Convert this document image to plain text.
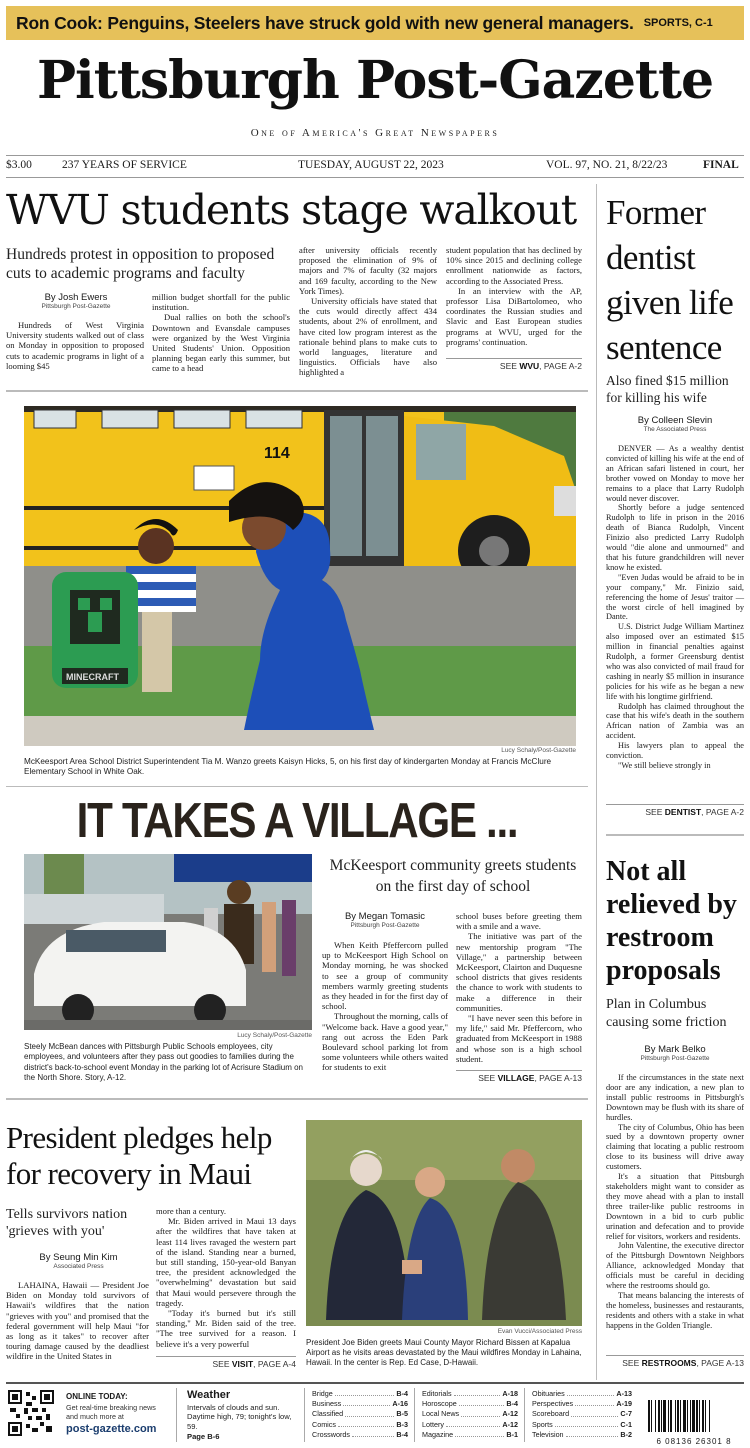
Ron Cook: Penguins, Steelers have struck gold with new general managers. SPORTS, C-1
Pittsburgh Post-Gazette
One of America's Great Newspapers
$3.00	237 YEARS OF SERVICE	TUESDAY, AUGUST 22, 2023	VOL. 97, NO. 21, 8/22/23	FINAL
WVU students stage walkout
Hundreds protest in opposition to proposed cuts to academic programs and faculty
By Josh Ewers
Pittsburgh Post-Gazette

Hundreds of West Virginia University students walked out of class on Monday in opposition to proposed cuts to academic programs in light of a looming $45

million budget shortfall for the public institution.

Dual rallies on both the school's Downtown and Evansdale campuses were organized by the West Virginia United Students' Union. Opposition planning began early this summer, but came to a head

after university officials recently proposed the elimination of 9% of majors and 7% of faculty (32 majors and 169 faculty, according to the New York Times).

University officials have stated that the cuts would directly affect 434 students, about 2% of enrollment, and have cited low program interest as the rationale behind plans to make cuts to world languages, literature and linguistics. Officials have also highlighted a

student population that has declined by 10% since 2015 and declining college enrollment nationwide as factors, according to the Associated Press.

In an interview with the AP, professor Lisa DiBartolomeo, who coordinates the Russian studies and Slavic and East European studies programs at WVU, urged for the programs' continuation.

SEE WVU, PAGE A-2
114
MINECRAFT
Lucy Schaly/Post-Gazette
McKeesport Area School District Superintendent Tia M. Wanzo greets Kaisyn Hicks, 5, on his first day of kindergarten Monday at Francis McClure Elementary School in White Oak.
IT TAKES A VILLAGE ...
Lucy Schaly/Post-Gazette
Steely McBean dances with Pittsburgh Public Schools employees, city employees, and volunteers after they pass out goodies to families during the district's back-to-school event Monday in the parking lot of Acrisure Stadium on the North Shore. Story, A-12.
McKeesport community greets students on the first day of school
By Megan Tomasic
Pittsburgh Post-Gazette

When Keith Pfeffercorn pulled up to McKeesport High School on Monday morning, he was shocked to see a group of community members warmly greeting students as they headed in for the first day of school.

Throughout the morning, calls of "Welcome back. Have a good year," rang out across the Eden Park Boulevard school parking lot from some volunteers while others waited for students to exit

school buses before greeting them with a smile and a wave.

The initiative was part of the new mentorship program "The Village," a partnership between McKeesport, Clairton and Duquesne school districts that gives residents the chance to work with students to make a difference in their communities.

"I have never seen this before in my life," said Mr. Pfeffercorn, who graduated from McKeesport in 1988 and whose son is a high school student.

SEE VILLAGE, PAGE A-13
President pledges help for recovery in Maui
Tells survivors nation 'grieves with you'
By Seung Min Kim
Associated Press

LAHAINA, Hawaii — President Joe Biden on Monday told survivors of Hawaii's wildfires that the nation "grieves with you" and promised that the federal government will help Maui "for as long as it takes" to recover after touring damage caused by the deadliest wildfire in the United States in

more than a century.

Mr. Biden arrived in Maui 13 days after the wildfires that have taken at least 114 lives ravaged the western part of the island. Standing near a burned, but still standing, 150-year-old Banyan tree, the president acknowledged the "overwhelming" devastation but said that Maui would persevere through the tragedy.

"Today it's burned but it's still standing," Mr. Biden said of the tree. "The tree survived for a reason. I believe it's a very powerful

SEE VISIT, PAGE A-4
Evan Vucci/Associated Press
President Joe Biden greets Maui County Mayor Richard Bissen at Kapalua Airport as he visits areas devastated by the Maui wildfires Monday in Lahaina, Hawaii. In the center is Rep. Ed Case, D-Hawaii.
Former dentist given life sentence
Also fined $15 million for killing his wife
By Colleen Slevin
The Associated Press

DENVER — As a wealthy dentist convicted of killing his wife at the end of an African safari listened in court, her brother vowed on Monday to move her remains to a place that Larry Rudolph would never discover.

Shortly before a judge sentenced Rudolph to life in prison in the 2016 death of Bianca Rudolph, Vincent Finizio also predicted Larry Rudolph would "die alone and unmourned" and that his future grandchildren will never know he existed.

"Even Judas would be afraid to be in your company," Mr. Finizio said, referencing the home of Jesus' traitor — the worst circle of hell imagined by Dante.

U.S. District Judge William Martinez also imposed over an estimated $15 million in financial penalties against Rudolph, a former Greensburg dentist who was also convicted of mail fraud for cashing in nearly $5 million in insurance policies for his wife as he began a new life with his longtime girlfriend.

Rudolph has claimed throughout the case that his wife's death in the southern African nation of Zambia was an accident.

His lawyers plan to appeal the conviction.

"We still believe strongly in

SEE DENTIST, PAGE A-2
Not all relieved by restroom proposals
Plan in Columbus causing some friction
By Mark Belko
Pittsburgh Post-Gazette

If the circumstances in the state next door are any indication, a new plan to install public restrooms in Pittsburgh's Downtown may be flush with its share of hurdles.

The city of Columbus, Ohio has been sued by a downtown property owner claiming that locating a public restroom close to its business will drive away customers.

It's a situation that Pittsburgh stakeholders might want to consider as they move ahead with a plan to install three trailer-like public restrooms in Downtown in a bid to curb public urination and defecation and to provide relief for visitors, workers and residents.

John Valentine, the executive director of the Pittsburgh Downtown Neighbors Alliance, acknowledged Monday that officials must be careful in deciding where the restrooms should go.

That means balancing the interests of the homeless, businesses and restaurants, residents and others with a stake in what happens in the Golden Triangle.

SEE RESTROOMS, PAGE A-13
ONLINE TODAY:
Get real-time breaking news and much more at
post-gazette.com
Weather
Intervals of clouds and sun. Daytime high, 79; tonight's low, 59.
Page B-6
Bridge	B-4
Business	A-16
Classified	B-5
Comics	B-3
Crosswords	B-4
Editorials	A-18
Horoscope	B-4
Local News	A-12
Lottery	A-12
Magazine	B-1
Obituaries	A-13
Perspectives	A-19
Scoreboard	C-7
Sports	C-1
Television	B-2
6 08136 26301 8
